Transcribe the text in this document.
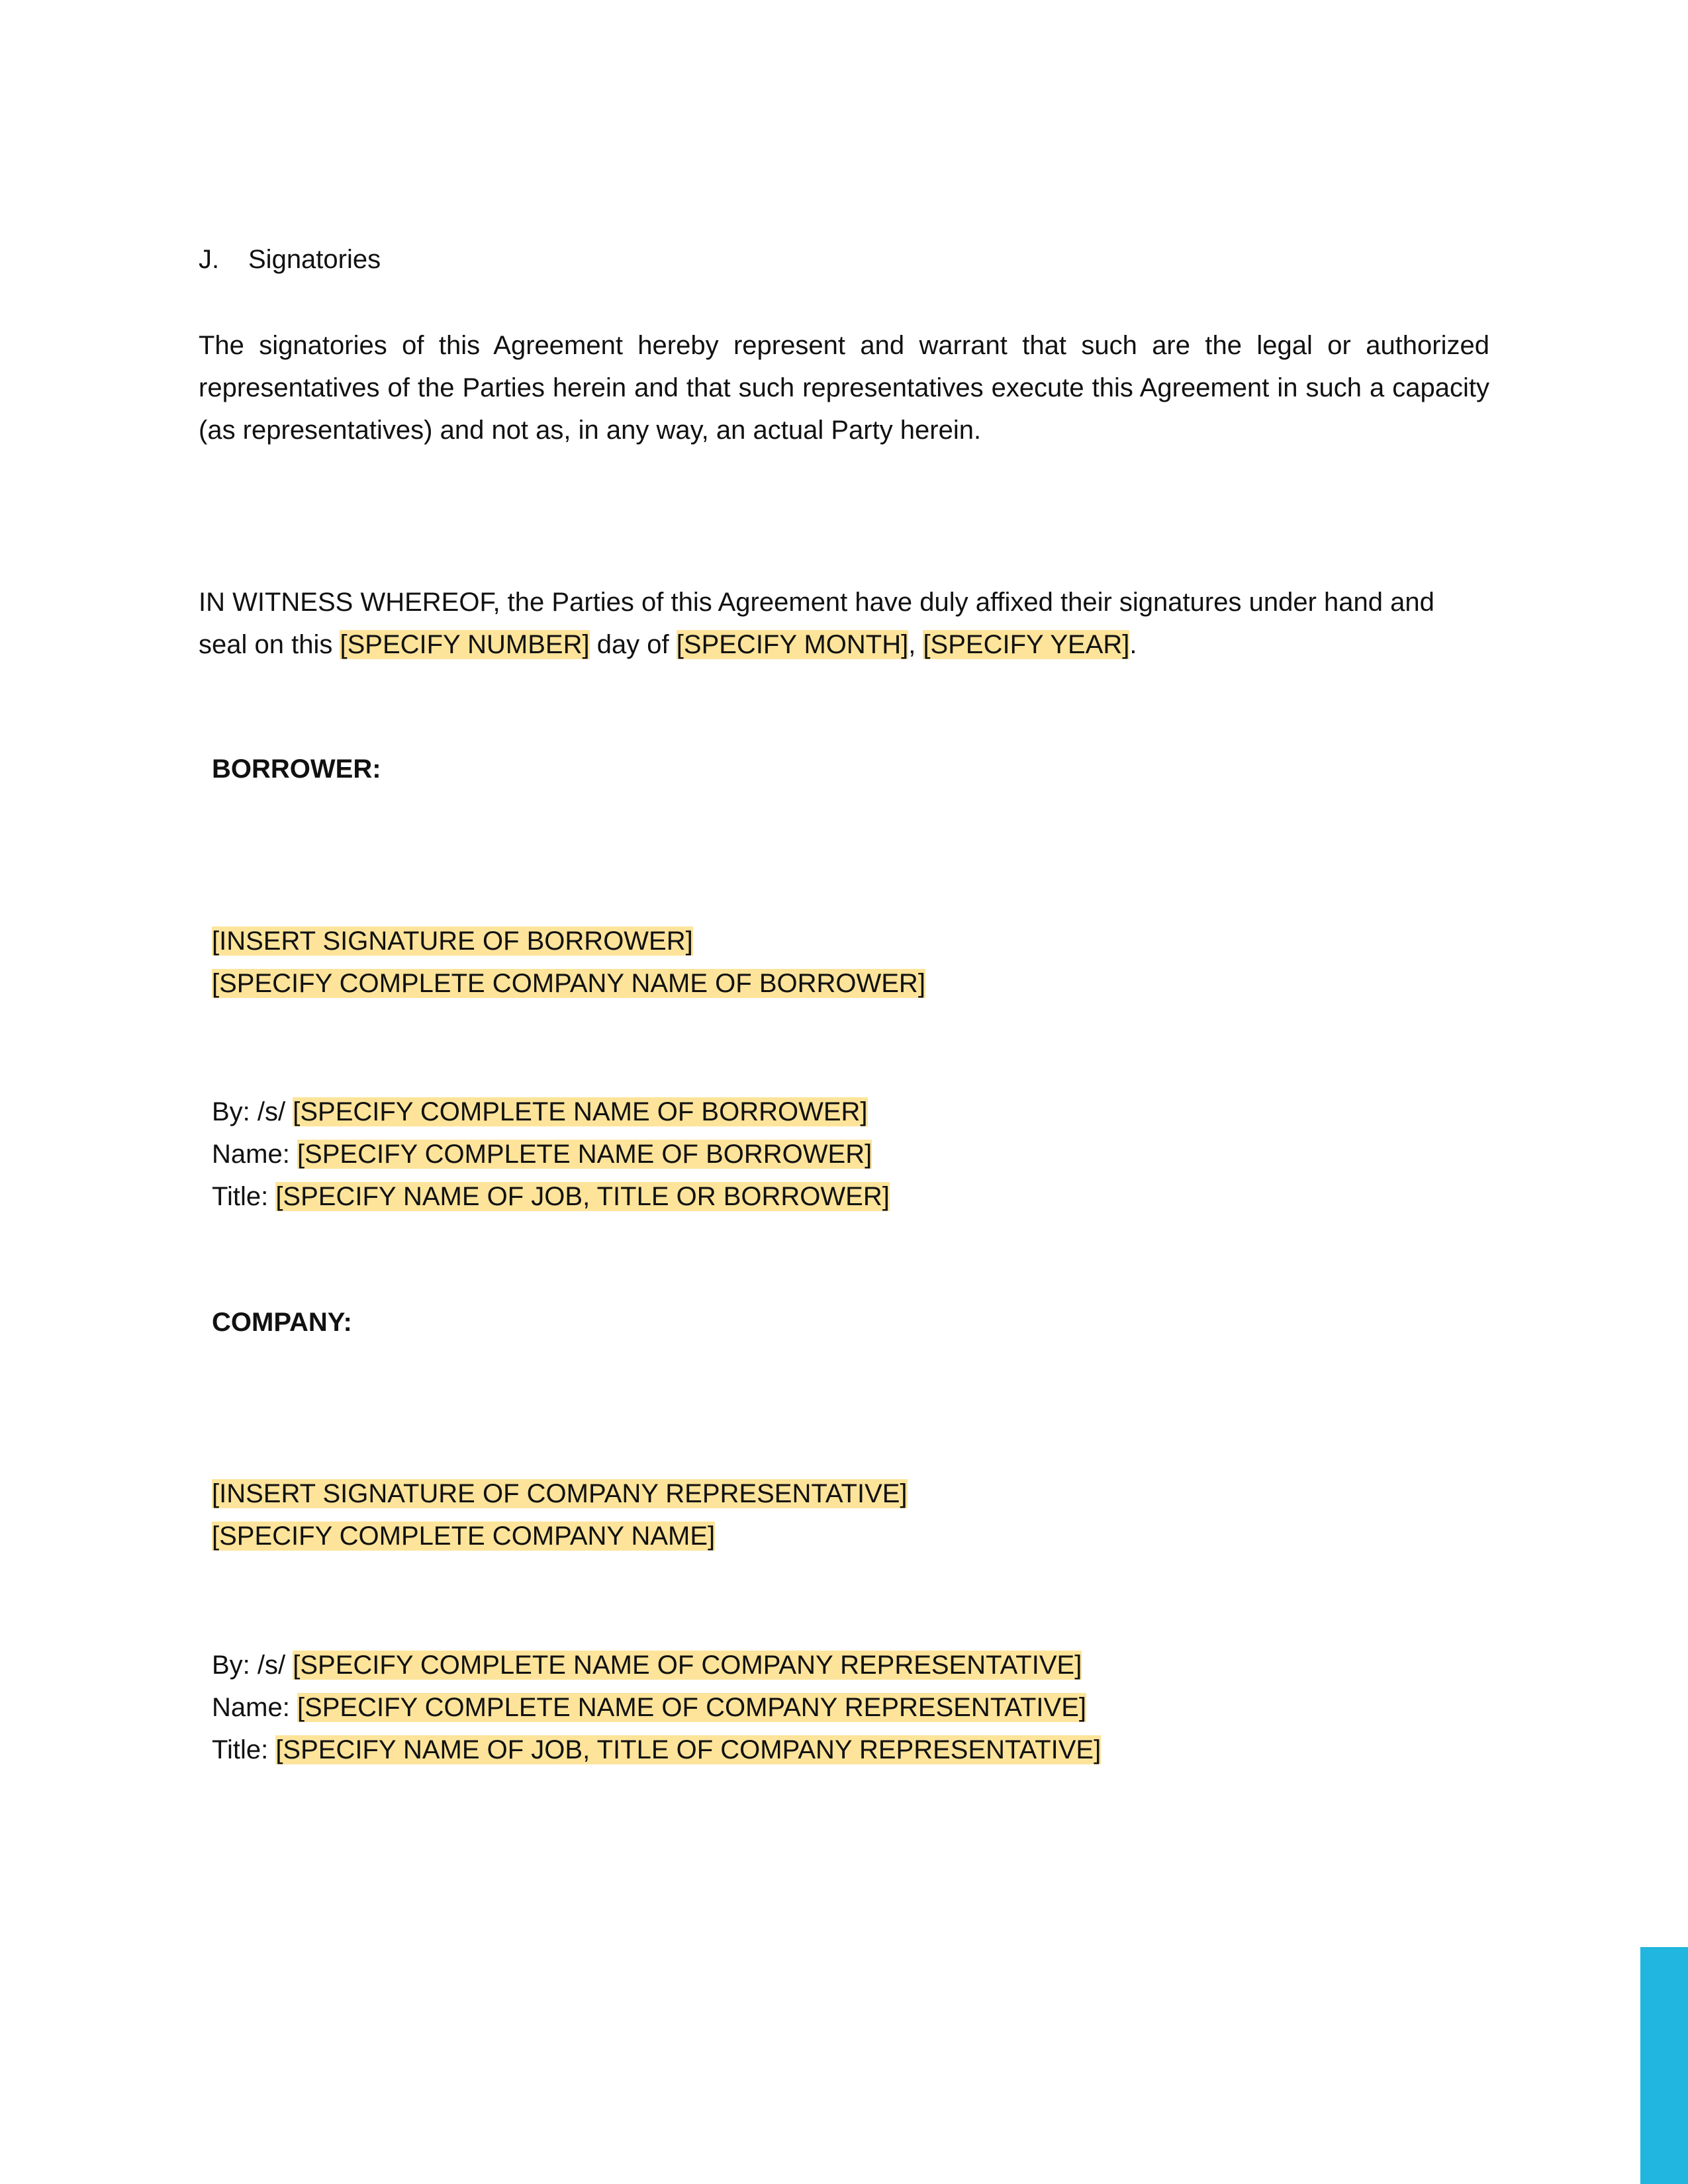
J.	Signatories
The signatories of this Agreement hereby represent and warrant that such are the legal or authorized representatives of the Parties herein and that such representatives execute this Agreement in such a capacity (as representatives) and not as, in any way, an actual Party herein.
IN WITNESS WHEREOF, the Parties of this Agreement have duly affixed their signatures under hand and seal on this [SPECIFY NUMBER] day of [SPECIFY MONTH], [SPECIFY YEAR].
BORROWER:
[INSERT SIGNATURE OF BORROWER]
[SPECIFY COMPLETE COMPANY NAME OF BORROWER]
By: /s/ [SPECIFY COMPLETE NAME OF BORROWER]
Name: [SPECIFY COMPLETE NAME OF BORROWER]
Title: [SPECIFY NAME OF JOB, TITLE OR BORROWER]
COMPANY:
[INSERT SIGNATURE OF COMPANY REPRESENTATIVE]
[SPECIFY COMPLETE COMPANY NAME]
By: /s/ [SPECIFY COMPLETE NAME OF COMPANY REPRESENTATIVE]
Name: [SPECIFY COMPLETE NAME OF COMPANY REPRESENTATIVE]
Title: [SPECIFY NAME OF JOB, TITLE OF COMPANY REPRESENTATIVE]
